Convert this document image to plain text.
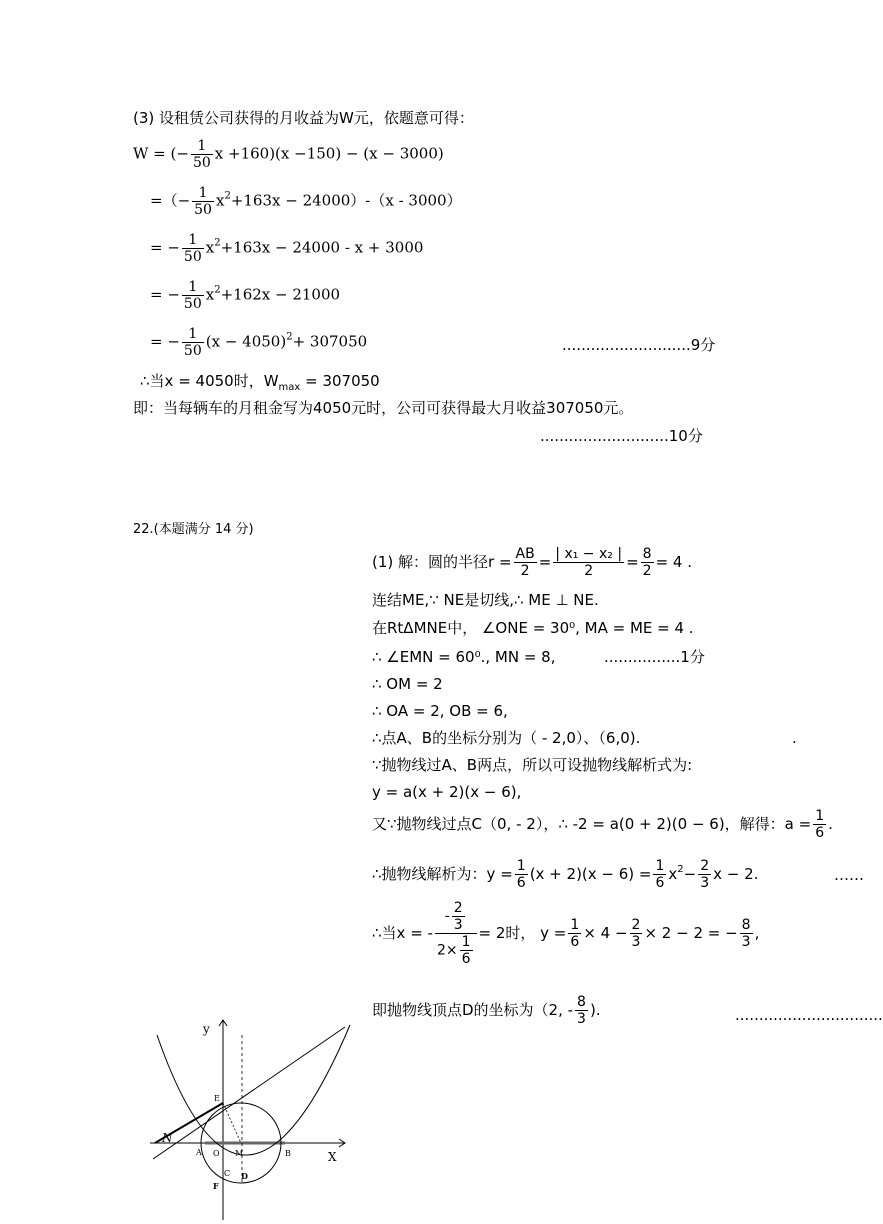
(3) 设租赁公司获得的月收益为W元，依题意可得：
W = (− $\frac{1}{50}$ x +160)(x −150) − (x − 3000)
=（− $\frac{1}{50} x^2+163x - 24000)-(x - 3000)$
= − $\frac{1}{50} x^2+163x - 24000 - x + 3000$
= − $\frac{1}{50} x^2+162x - 21000$
= − $\frac{1}{50} (x - 4050)^2+ 307050$	...........................9分
∴当x = 4050时，$W_{max} = 307050$
即：当每辆车的月租金写为4050元时，公司可获得最大月收益307050元。
...........................10分
22.(本题满分 14 分)
(1) 解：圆的半径$r = \frac{AB}{2} = \frac{\text{| x₁ − x₂ |}}{2} = \frac{8}{2} = 4$ .
连结ME,∵ NE是切线,∴ ME ⊥ NE.
在RtΔMNE中， ∠ONE = 30⁰, MA = ME = 4 .
∴ ∠EMN = 60⁰., MN = 8,	................1分
∴ OM = 2
∴ OA = 2, OB = 6,
∴点A、B的坐标分别为（ - 2,0）、（6,0).	.
∵抛物线过A、B两点，所以可设抛物线解析式为:
y = a(x + 2)(x − 6),
又∵抛物线过点C（0, - 2），∴ -2 = a(0 + 2)(0 − 6)，解得：$a = \frac{1}{6}$ .
∴抛物线解析为：$y = \frac{1}{6} (x + 2)(x - 6) = \frac{1}{6} x^2- \frac{2}{3}$ x − 2.	……
∴当x = - $\frac{- \frac{2}{3}}{2\times \frac{1}{6}} = 2$时， $y = \frac{1}{6} \times 4 - \frac{2}{3} \times 2 - 2$ = − $\frac{8}{3}$ ,
即抛物线顶点D的坐标为（2, - $\frac{8}{3}$ ).	...............................
y
X
N
E
A O M	B
C D
F
